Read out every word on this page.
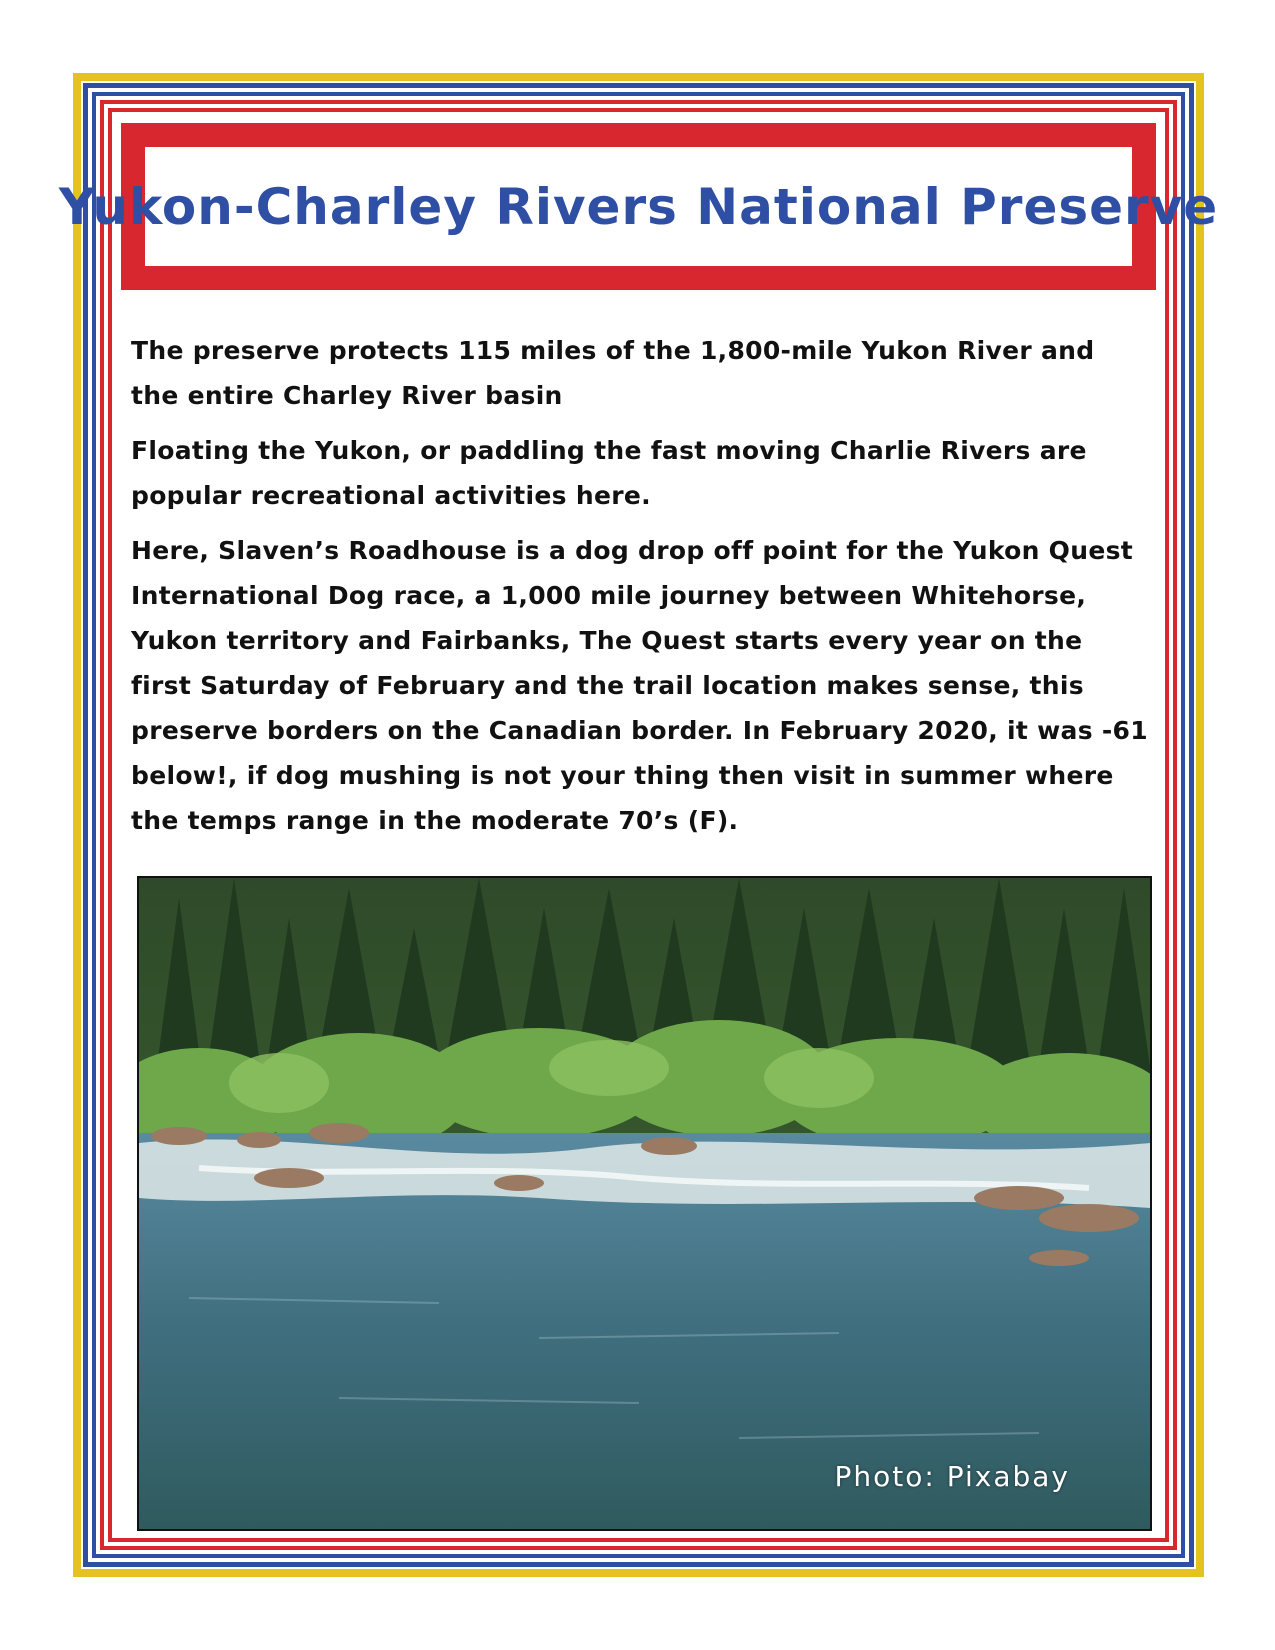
Yukon-Charley Rivers National Preserve

The preserve protects 115 miles of the 1,800-mile Yukon River and the entire Charley River basin

Floating the Yukon, or paddling the fast moving Charlie Rivers are popular recreational activities here.

Here, Slaven’s Roadhouse is a dog drop off point for the Yukon Quest International Dog race, a 1,000 mile journey between Whitehorse, Yukon territory and Fairbanks, The Quest starts every year on the first Saturday of February and the trail location makes sense, this preserve borders on the Canadian border. In February 2020, it was -61 below!, if dog mushing is not your thing then visit in summer where the temps range in the moderate 70’s (F).

Photo: Pixabay
